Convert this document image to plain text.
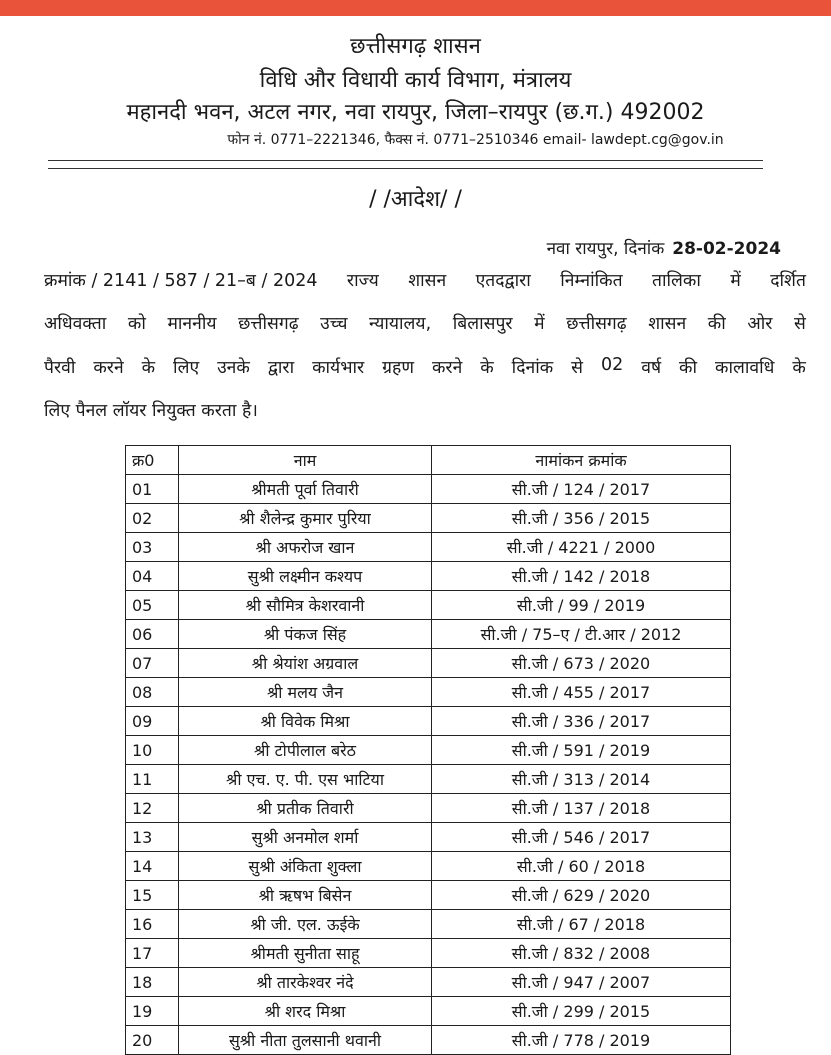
छत्तीसगढ़ शासन
विधि और विधायी कार्य विभाग, मंत्रालय
महानदी भवन, अटल नगर, नवा रायपुर, जिला–रायपुर (छ.ग.) 492002
फोन नं. 0771–2221346, फैक्स नं. 0771–2510346 email- lawdept.cg@gov.in
/ /आदेश/ /
नवा रायपुर, दिनांक 28-02-2024
क्रमांक / 2141 / 587 / 21–ब / 2024 राज्य शासन एतदद्वारा निम्नांकित तालिका में दर्शित
अधिवक्ता को माननीय छत्तीसगढ़ उच्च न्यायालय, बिलासपुर में छत्तीसगढ़ शासन की ओर से
पैरवी करने के लिए उनके द्वारा कार्यभार ग्रहण करने के दिनांक से 02 वर्ष की कालावधि के
लिए पैनल लॉयर नियुक्त करता है।
क्र0	नाम	नामांकन क्रमांक
01	श्रीमती पूर्वा तिवारी	सी.जी / 124 / 2017
02	श्री शैलेन्द्र कुमार पुरिया	सी.जी / 356 / 2015
03	श्री अफरोज खान	सी.जी / 4221 / 2000
04	सुश्री लक्ष्मीन कश्यप	सी.जी / 142 / 2018
05	श्री सौमित्र केशरवानी	सी.जी / 99 / 2019
06	श्री पंकज सिंह	सी.जी / 75–ए / टी.आर / 2012
07	श्री श्रेयांश अग्रवाल	सी.जी / 673 / 2020
08	श्री मलय जैन	सी.जी / 455 / 2017
09	श्री विवेक मिश्रा	सी.जी / 336 / 2017
10	श्री टोपीलाल बरेठ	सी.जी / 591 / 2019
11	श्री एच. ए. पी. एस भाटिया	सी.जी / 313 / 2014
12	श्री प्रतीक तिवारी	सी.जी / 137 / 2018
13	सुश्री अनमोल शर्मा	सी.जी / 546 / 2017
14	सुश्री अंकिता शुक्ला	सी.जी / 60 / 2018
15	श्री ऋषभ बिसेन	सी.जी / 629 / 2020
16	श्री जी. एल. ऊईके	सी.जी / 67 / 2018
17	श्रीमती सुनीता साहू	सी.जी / 832 / 2008
18	श्री तारकेश्वर नंदे	सी.जी / 947 / 2007
19	श्री शरद मिश्रा	सी.जी / 299 / 2015
20	सुश्री नीता तुलसानी थवानी	सी.जी / 778 / 2019
